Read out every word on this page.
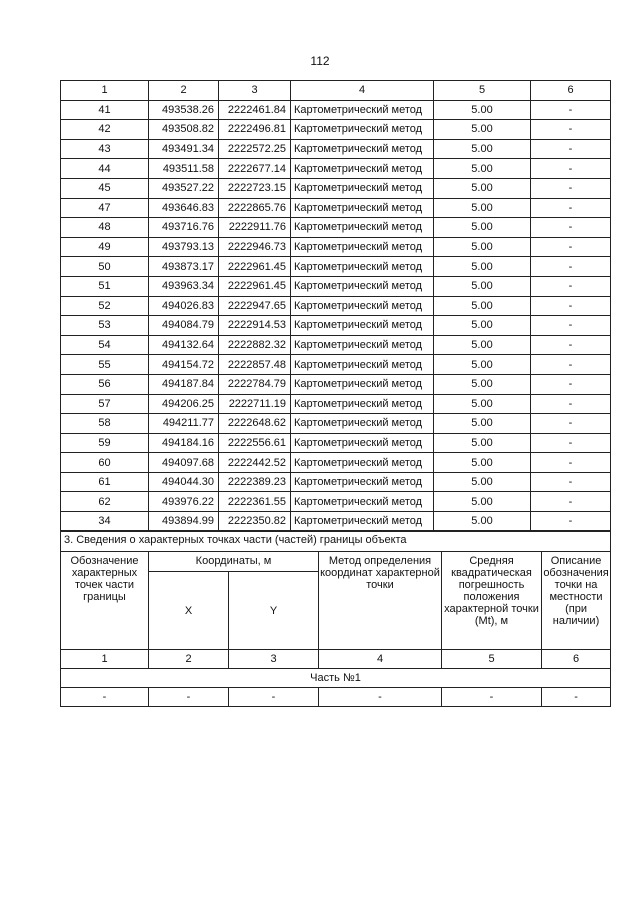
112
1	2	3	4	5	6
41	493538.26	2222461.84	Картометрический метод	5.00	-
42	493508.82	2222496.81	Картометрический метод	5.00	-
43	493491.34	2222572.25	Картометрический метод	5.00	-
44	493511.58	2222677.14	Картометрический метод	5.00	-
45	493527.22	2222723.15	Картометрический метод	5.00	-
47	493646.83	2222865.76	Картометрический метод	5.00	-
48	493716.76	2222911.76	Картометрический метод	5.00	-
49	493793.13	2222946.73	Картометрический метод	5.00	-
50	493873.17	2222961.45	Картометрический метод	5.00	-
51	493963.34	2222961.45	Картометрический метод	5.00	-
52	494026.83	2222947.65	Картометрический метод	5.00	-
53	494084.79	2222914.53	Картометрический метод	5.00	-
54	494132.64	2222882.32	Картометрический метод	5.00	-
55	494154.72	2222857.48	Картометрический метод	5.00	-
56	494187.84	2222784.79	Картометрический метод	5.00	-
57	494206.25	2222711.19	Картометрический метод	5.00	-
58	494211.77	2222648.62	Картометрический метод	5.00	-
59	494184.16	2222556.61	Картометрический метод	5.00	-
60	494097.68	2222442.52	Картометрический метод	5.00	-
61	494044.30	2222389.23	Картометрический метод	5.00	-
62	493976.22	2222361.55	Картометрический метод	5.00	-
34	493894.99	2222350.82	Картометрический метод	5.00	-
3. Сведения о характерных точках части (частей) границы объекта					
Обозначение характерных точек части границы	Координаты, м		Метод определения координат характерной точки	Средняя квадратическая погрешность положения характерной точки (Mt), м	Описание обозначения точки на местности (при наличии)
	X	Y			
1	2	3	4	5	6
Часть №1					
-	-	-	-	-	-
